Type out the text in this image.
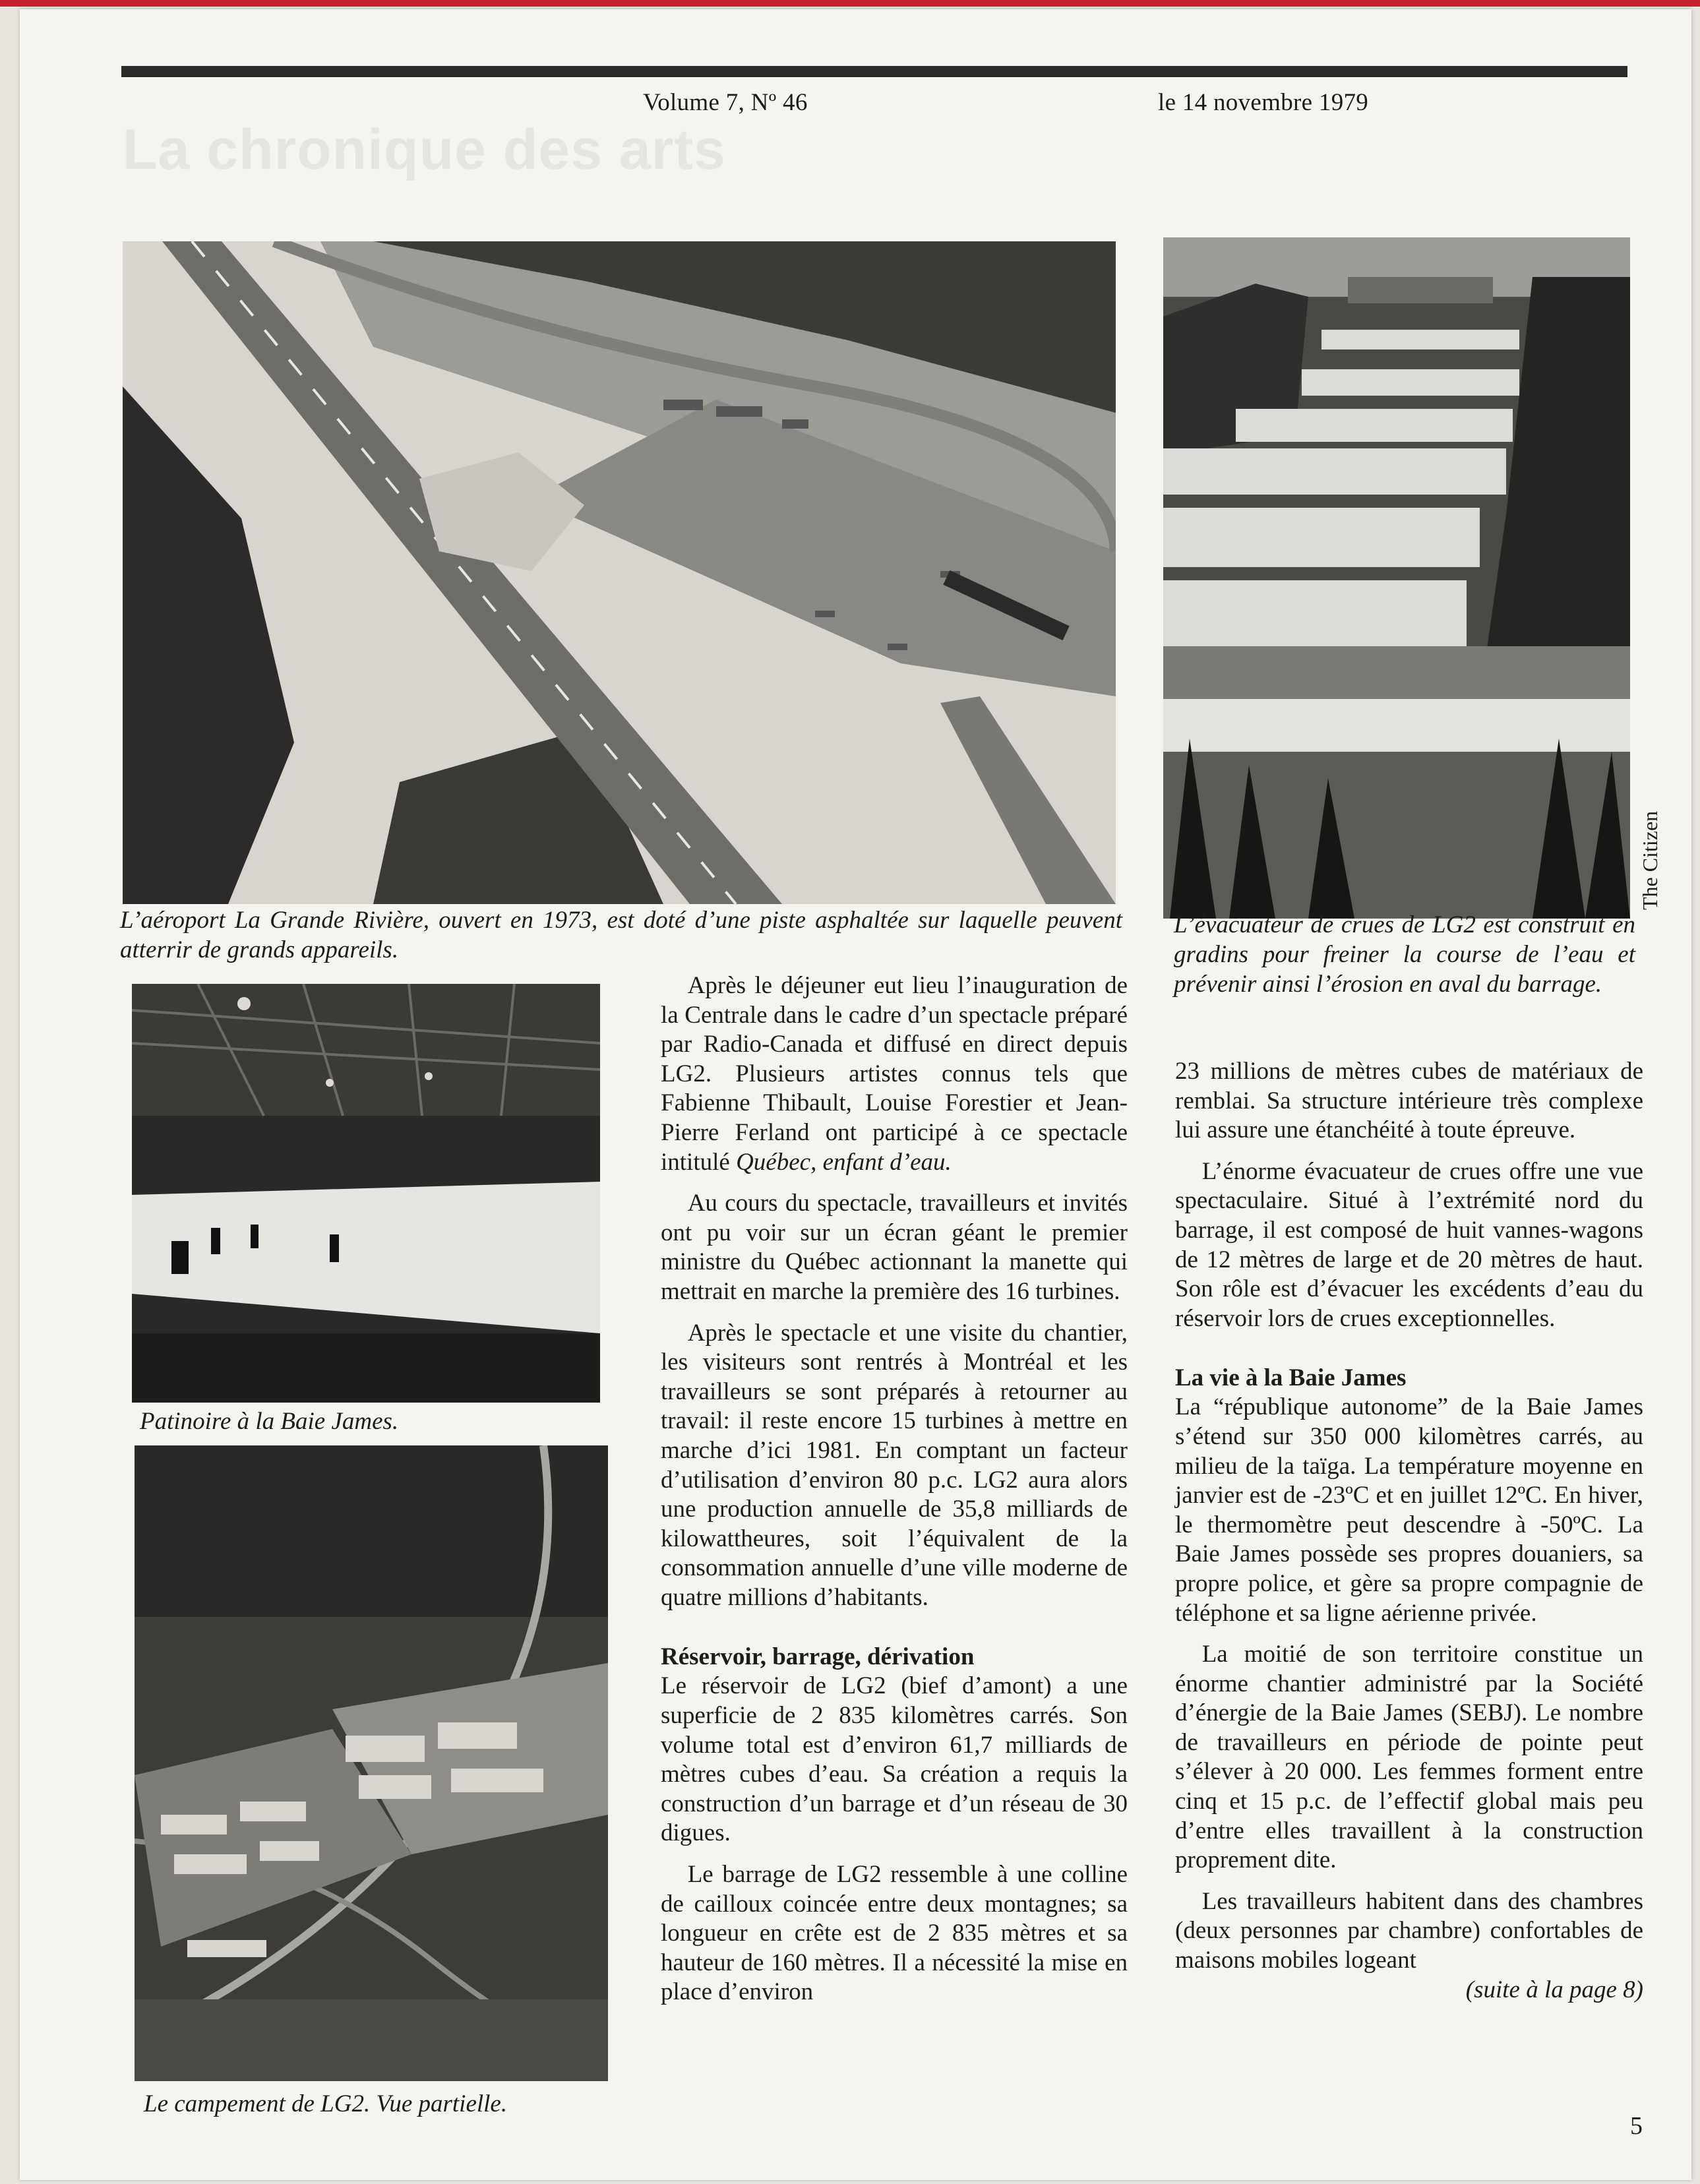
Volume 7, Nº 46	le 14 novembre 1979
La chronique des arts
L’aéroport La Grande Rivière, ouvert en 1973, est doté d’une piste asphaltée sur laquelle peuvent atterrir de grands appareils.
L’évacuateur de crues de LG2 est construit en gradins pour freiner la course de l’eau et prévenir ainsi l’érosion en aval du barrage.
The Citizen
Patinoire à la Baie James.
Le campement de LG2. Vue partielle.

Après le déjeuner eut lieu l’inauguration de la Centrale dans le cadre d’un spectacle préparé par Radio-Canada et diffusé en direct depuis LG2. Plusieurs artistes connus tels que Fabienne Thibault, Louise Forestier et Jean-Pierre Ferland ont participé à ce spectacle intitulé Québec, enfant d’eau.

Au cours du spectacle, travailleurs et invités ont pu voir sur un écran géant le premier ministre du Québec actionnant la manette qui mettrait en marche la première des 16 turbines.

Après le spectacle et une visite du chantier, les visiteurs sont rentrés à Montréal et les travailleurs se sont préparés à retourner au travail: il reste encore 15 turbines à mettre en marche d’ici 1981. En comptant un facteur d’utilisation d’environ 80 p.c. LG2 aura alors une production annuelle de 35,8 milliards de kilowattheures, soit l’équivalent de la consommation annuelle d’une ville moderne de quatre millions d’habitants.

Réservoir, barrage, dérivation

Le réservoir de LG2 (bief d’amont) a une superficie de 2 835 kilomètres carrés. Son volume total est d’environ 61,7 milliards de mètres cubes d’eau. Sa création a requis la construction d’un barrage et d’un réseau de 30 digues.

Le barrage de LG2 ressemble à une colline de cailloux coincée entre deux montagnes; sa longueur en crête est de 2 835 mètres et sa hauteur de 160 mètres. Il a nécessité la mise en place d’environ

23 millions de mètres cubes de matériaux de remblai. Sa structure intérieure très complexe lui assure une étanchéité à toute épreuve.

L’énorme évacuateur de crues offre une vue spectaculaire. Situé à l’extrémité nord du barrage, il est composé de huit vannes-wagons de 12 mètres de large et de 20 mètres de haut. Son rôle est d’évacuer les excédents d’eau du réservoir lors de crues exceptionnelles.

La vie à la Baie James

La “république autonome” de la Baie James s’étend sur 350 000 kilomètres carrés, au milieu de la taïga. La température moyenne en janvier est de -23ºC et en juillet 12ºC. En hiver, le thermomètre peut descendre à -50ºC. La Baie James possède ses propres douaniers, sa propre police, et gère sa propre compagnie de téléphone et sa ligne aérienne privée.

La moitié de son territoire constitue un énorme chantier administré par la Société d’énergie de la Baie James (SEBJ). Le nombre de travailleurs en période de pointe peut s’élever à 20 000. Les femmes forment entre cinq et 15 p.c. de l’effectif global mais peu d’entre elles travaillent à la construction proprement dite.

Les travailleurs habitent dans des chambres (deux personnes par chambre) confortables de maisons mobiles logeant

(suite à la page 8)
5
